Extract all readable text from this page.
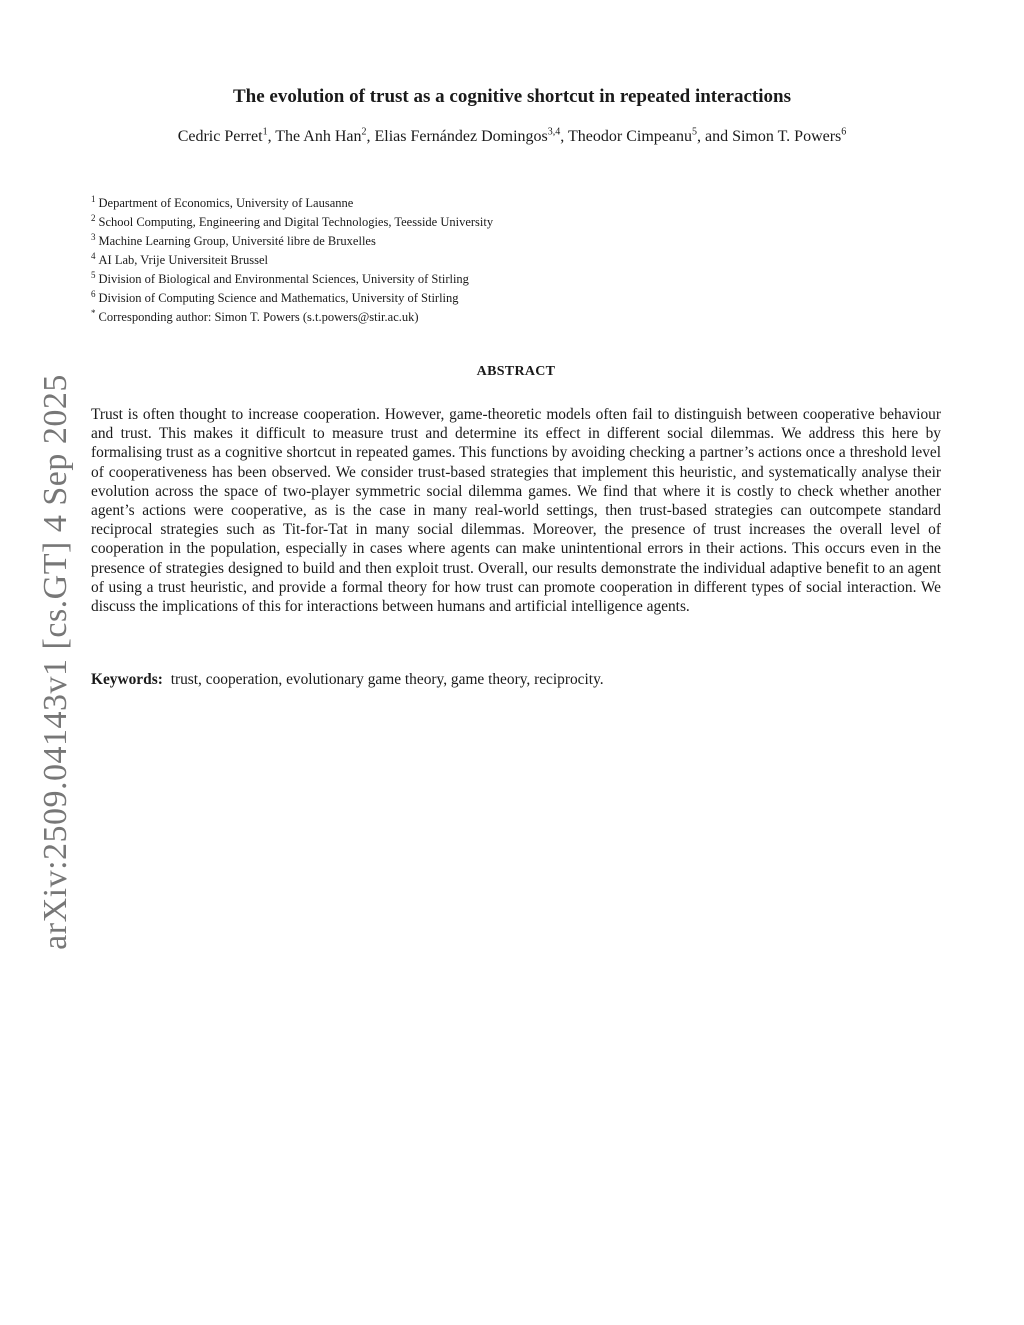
arXiv:2509.04143v1 [cs.GT] 4 Sep 2025
The evolution of trust as a cognitive shortcut in repeated interactions
Cedric Perret$^1$, The Anh Han$^2$, Elias Fernández Domingos$^{3,4}$, Theodor Cimpeanu$^5$, and Simon T. Powers$^6$
$^1$ Department of Economics, University of Lausanne
$^2$ School Computing, Engineering and Digital Technologies, Teesside University
$^3$ Machine Learning Group, Université libre de Bruxelles
$^4$ AI Lab, Vrije Universiteit Brussel
$^5$ Division of Biological and Environmental Sciences, University of Stirling
$^6$ Division of Computing Science and Mathematics, University of Stirling
* Corresponding author: Simon T. Powers (s.t.powers@stir.ac.uk)
ABSTRACT
Trust is often thought to increase cooperation. However, game-theoretic models often fail to distinguish between cooperative behaviour and trust. This makes it difficult to measure trust and determine its effect in different social dilemmas. We address this here by formalising trust as a cognitive shortcut in repeated games. This functions by avoiding checking a partner’s actions once a threshold level of cooperativeness has been observed. We consider trust-based strategies that implement this heuristic, and systematically analyse their evolution across the space of two-player symmetric social dilemma games. We find that where it is costly to check whether another agent’s actions were cooperative, as is the case in many real-world settings, then trust-based strategies can outcompete standard reciprocal strategies such as Tit-for-Tat in many social dilemmas. Moreover, the presence of trust increases the overall level of cooperation in the population, especially in cases where agents can make unintentional errors in their actions. This occurs even in the presence of strategies designed to build and then exploit trust. Overall, our results demonstrate the individual adaptive benefit to an agent of using a trust heuristic, and provide a formal theory for how trust can promote cooperation in different types of social interaction. We discuss the implications of this for interactions between humans and artificial intelligence agents.
Keywords: trust, cooperation, evolutionary game theory, game theory, reciprocity.
